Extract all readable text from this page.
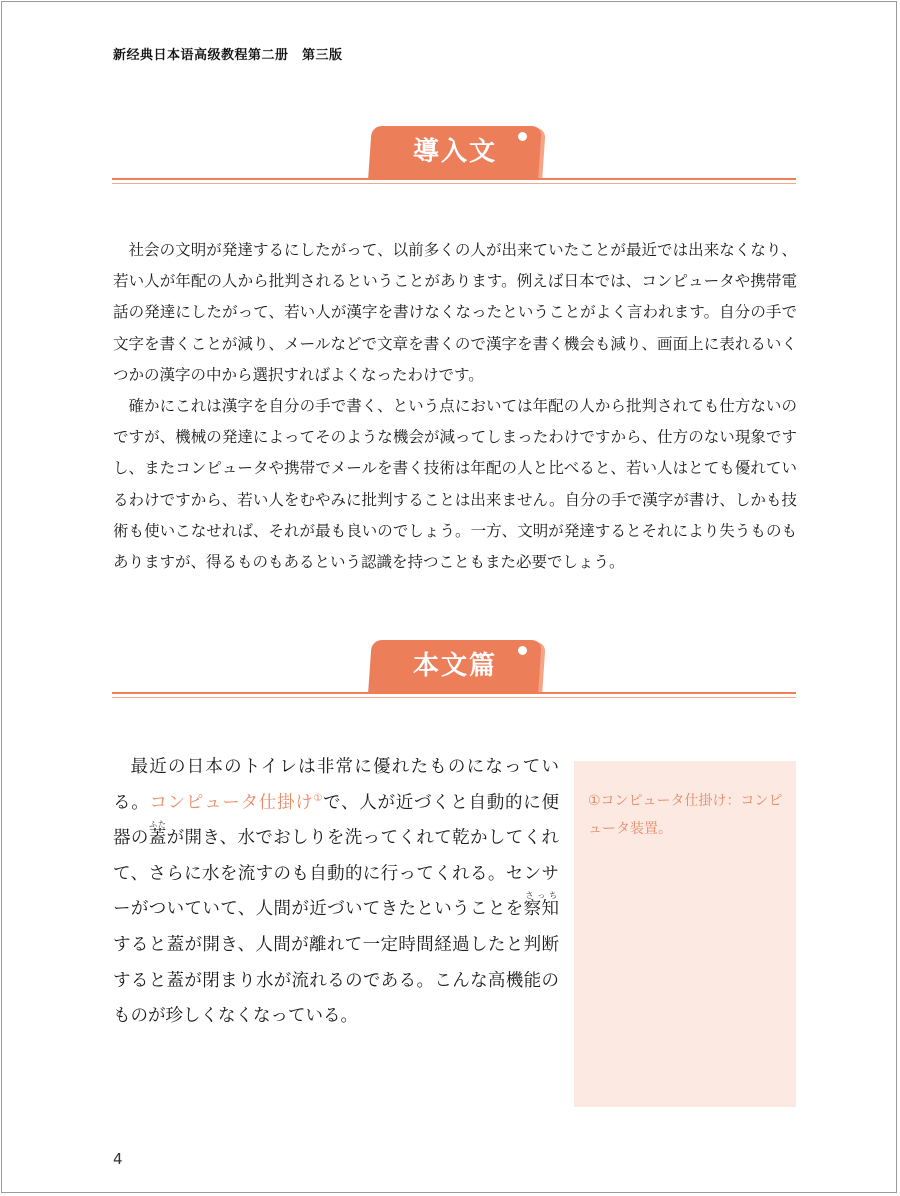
新经典日本语高级教程第二册　第三版
導入文

社会の文明が発達するにしたがって、以前多くの人が出来ていたことが最近では出来なくなり、若い人が年配の人から批判されるということがあります。例えば日本では、コンピュータや携帯電話の発達にしたがって、若い人が漢字を書けなくなったということがよく言われます。自分の手で文字を書くことが減り、メールなどで文章を書くので漢字を書く機会も減り、画面上に表れるいくつかの漢字の中から選択すればよくなったわけです。

確かにこれは漢字を自分の手で書く、という点においては年配の人から批判されても仕方ないのですが、機械の発達によってそのような機会が減ってしまったわけですから、仕方のない現象ですし、またコンピュータや携帯でメールを書く技術は年配の人と比べると、若い人はとても優れているわけですから、若い人をむやみに批判することは出来ません。自分の手で漢字が書け、しかも技術も使いこなせれば、それが最も良いのでしょう。一方、文明が発達するとそれにより失うものもありますが、得るものもあるという認識を持つこともまた必要でしょう。

本文篇

最近の日本のトイレは非常に優れたものになっている。コンピュータ仕掛け①で、人が近づくと自動的に便器の蓋ふたが開き、水でおしりを洗ってくれて乾かしてくれて、さらに水を流すのも自動的に行ってくれる。センサーがついていて、人間が近づいてきたということを察知さっちすると蓋が開き、人間が離れて一定時間経過したと判断すると蓋が閉まり水が流れるのである。こんな高機能のものが珍しくなくなっている。

①コンピュータ仕掛け：コンピュータ装置。
4
